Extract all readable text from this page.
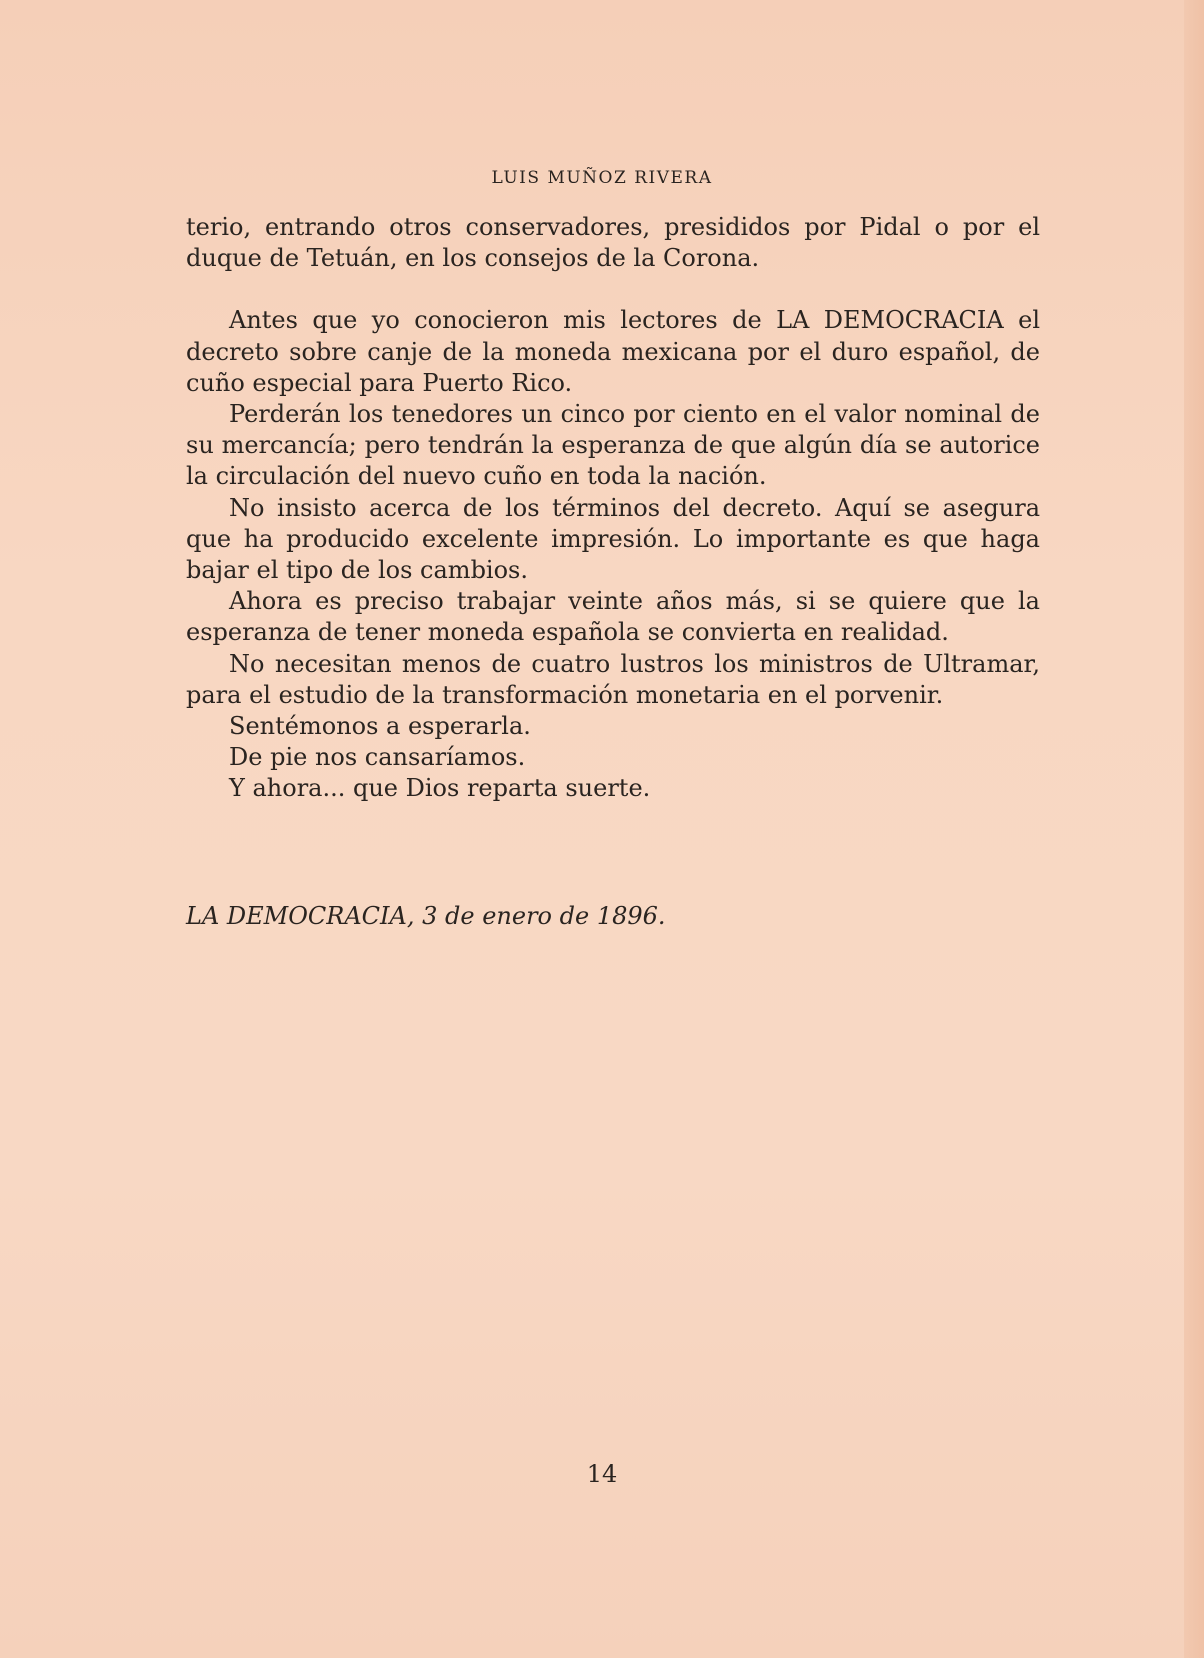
LUIS MUÑOZ RIVERA

terio, entrando otros conservadores, presididos por Pidal o por el duque de Tetuán, en los consejos de la Corona.

Antes que yo conocieron mis lectores de LA DEMOCRACIA el decreto sobre canje de la moneda mexicana por el duro español, de cuño especial para Puerto Rico.

Perderán los tenedores un cinco por ciento en el valor nominal de su mercancía; pero tendrán la esperanza de que algún día se autorice la circulación del nuevo cuño en toda la nación.

No insisto acerca de los términos del decreto. Aquí se asegura que ha producido excelente impresión. Lo importante es que haga bajar el tipo de los cambios.

Ahora es preciso trabajar veinte años más, si se quiere que la esperanza de tener moneda española se convierta en realidad.

No necesitan menos de cuatro lustros los ministros de Ultramar, para el estudio de la transformación monetaria en el porvenir.

Sentémonos a esperarla.

De pie nos cansaríamos.

Y ahora... que Dios reparta suerte.

LA DEMOCRACIA, 3 de enero de 1896.
14
